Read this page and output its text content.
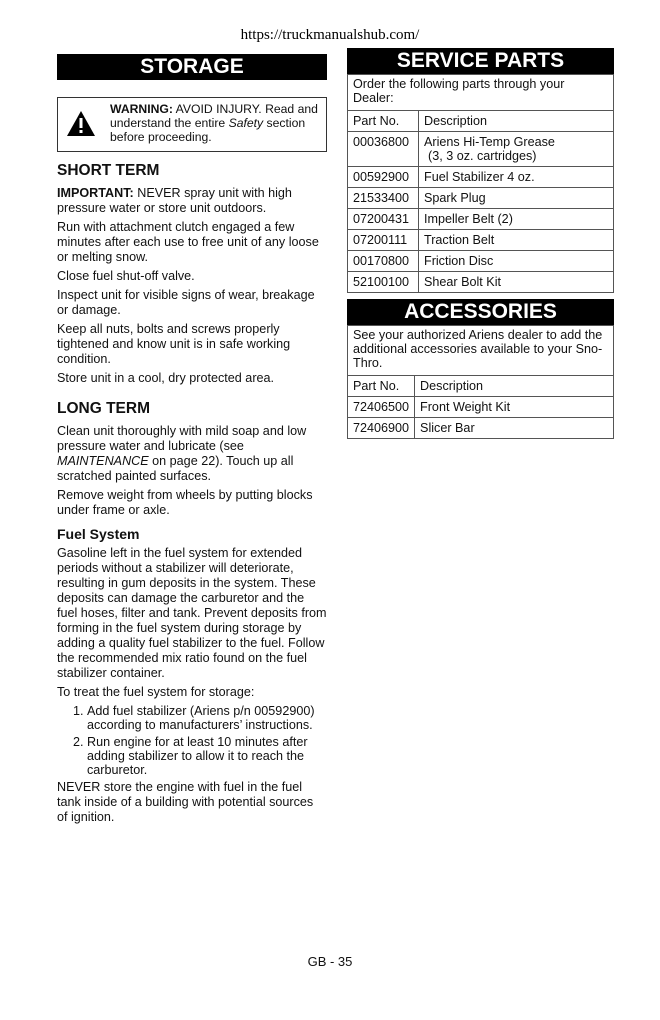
https://truckmanualshub.com/
STORAGE
WARNING: AVOID INJURY. Read and understand the entire Safety section before proceeding.
SHORT TERM

IMPORTANT: NEVER spray unit with high pressure water or store unit outdoors.

Run with attachment clutch engaged a few minutes after each use to free unit of any loose or melting snow.

Close fuel shut-off valve.

Inspect unit for visible signs of wear, breakage or damage.

Keep all nuts, bolts and screws properly tightened and know unit is in safe working condition.

Store unit in a cool, dry protected area.

LONG TERM

Clean unit thoroughly with mild soap and low pressure water and lubricate (see MAINTENANCE on page 22). Touch up all scratched painted surfaces.

Remove weight from wheels by putting blocks under frame or axle.

Fuel System

Gasoline left in the fuel system for extended periods without a stabilizer will deteriorate, resulting in gum deposits in the system. These deposits can damage the carburetor and the fuel hoses, filter and tank. Prevent deposits from forming in the fuel system during storage by adding a quality fuel stabilizer to the fuel. Follow the recommended mix ratio found on the fuel stabilizer container.

To treat the fuel system for storage:

1. Add fuel stabilizer (Ariens p/n 00592900) according to manufacturers’ instructions.
2. Run engine for at least 10 minutes after adding stabilizer to allow it to reach the carburetor.

NEVER store the engine with fuel in the fuel tank inside of a building with potential sources of ignition.

SERVICE PARTS
Order the following parts through your Dealer:
Part No.	Description
00036800	Ariens Hi-Temp Grease
(3, 3 oz. cartridges)

00592900	Fuel Stabilizer 4 oz.
21533400	Spark Plug
07200431	Impeller Belt (2)
07200111	Traction Belt
00170800	Friction Disc
52100100	Shear Bolt Kit
ACCESSORIES
See your authorized Ariens dealer to add the additional accessories available to your Sno-Thro.
Part No.	Description
72406500	Front Weight Kit
72406900	Slicer Bar
GB - 35
